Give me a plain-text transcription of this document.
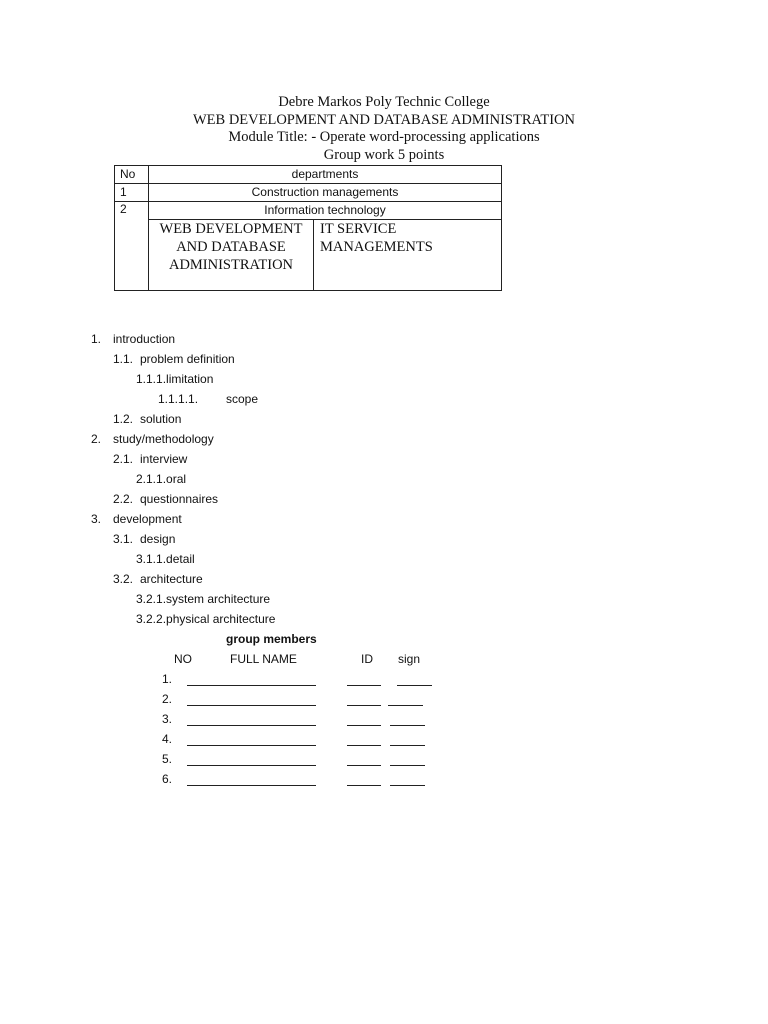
Debre Markos Poly Technic College
WEB DEVELOPMENT AND DATABASE ADMINISTRATION
Module Title: - Operate word-processing applications
Group work 5 points
No	departments	
1	Construction managements	
2	Information technology	
	WEB DEVELOPMENT AND DATABASE ADMINISTRATION	IT SERVICE MANAGEMENTS
1. introduction
1.1. problem definition
1.1.1.limitation
1.1.1.1. scope
1.2. solution
2. study/methodology
2.1. interview
2.1.1.oral
2.2. questionnaires
3. development
3.1. design
3.1.1.detail
3.2. architecture
3.2.1.system architecture
3.2.2.physical architecture
group members
NO	FULL NAME	ID sign
1.
2.
3.
4.
5.
6.
